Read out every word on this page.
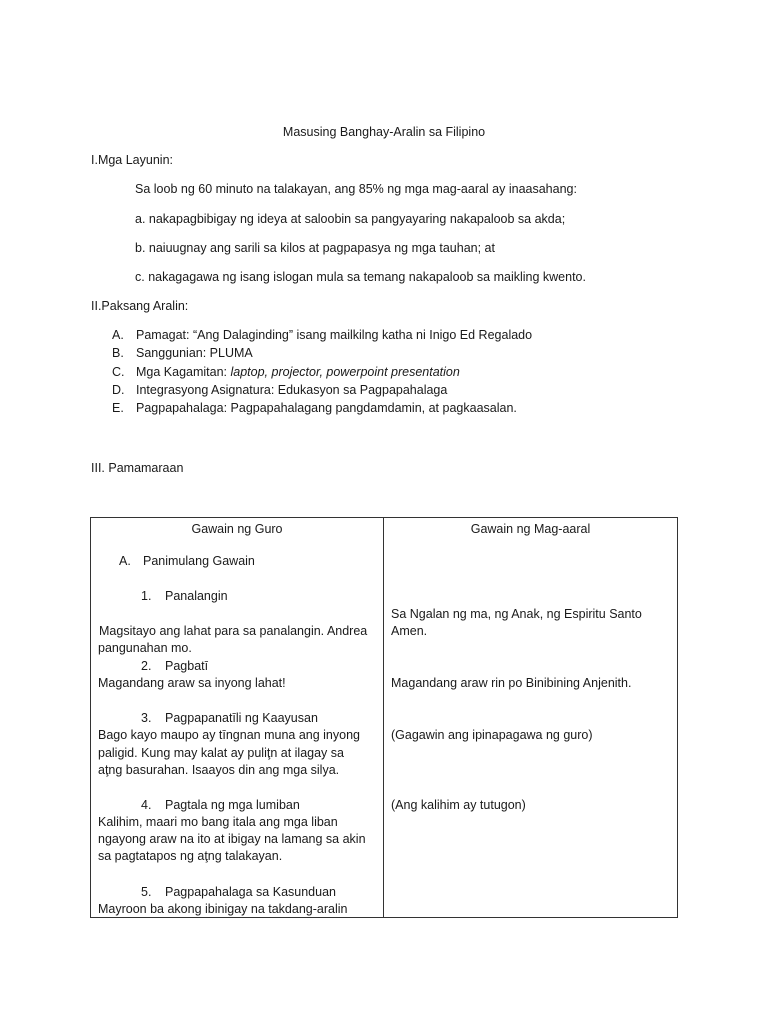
Masusing Banghay-Aralin sa Filipino
I.Mga Layunin:
Sa loob ng 60 minuto na talakayan, ang 85% ng mga mag-aaral ay inaasahang:
a. nakapagbibigay ng ideya at saloobin sa pangyayaring nakapaloob sa akda;
b. naiuugnay ang sarili sa kilos at pagpapasya ng mga tauhan; at
c. nakagagawa ng isang islogan mula sa temang nakapaloob sa maikling kwento.
II.Paksang Aralin:
A. Pamagat: “Ang Dalaginding” isang mailkilng katha ni Inigo Ed Regalado
B. Sanggunian: PLUMA
C. Mga Kagamitan: laptop, projector, powerpoint presentation
D. Integrasyong Asignatura: Edukasyon sa Pagpapahalaga
E. Pagpapahalaga: Pagpapahalagang pangdamdamin, at pagkaasalan.
III. Pamamaraan
Gawain ng Guro
A. Panimulang Gawain
1. Panalangin
Magsitayo ang lahat para sa panalangin. Andrea
pangunahan mo.
2. Pagbatī
Magandang araw sa inyong lahat!
3. Pagpapanatīli ng Kaayusan
Bago kayo maupo ay tīngnan muna ang inyong
paligid. Kung may kalat ay puliţn at ilagay sa
aţng basurahan. Isaayos din ang mga silya.
4. Pagtala ng mga lumiban
Kalihim, maari mo bang itala ang mga liban
ngayong araw na ito at ibigay na lamang sa akin
sa pagtatapos ng aţng talakayan.
5. Pagpapahalaga sa Kasunduan
Mayroon ba akong ibinigay na takdang-aralin

Gawain ng Mag-aaral
Sa Ngalan ng ma, ng Anak, ng Espiritu Santo
Amen.
Magandang araw rin po Binibining Anjenith.
(Gagawin ang ipinapagawa ng guro)
(Ang kalihim ay tutugon)
